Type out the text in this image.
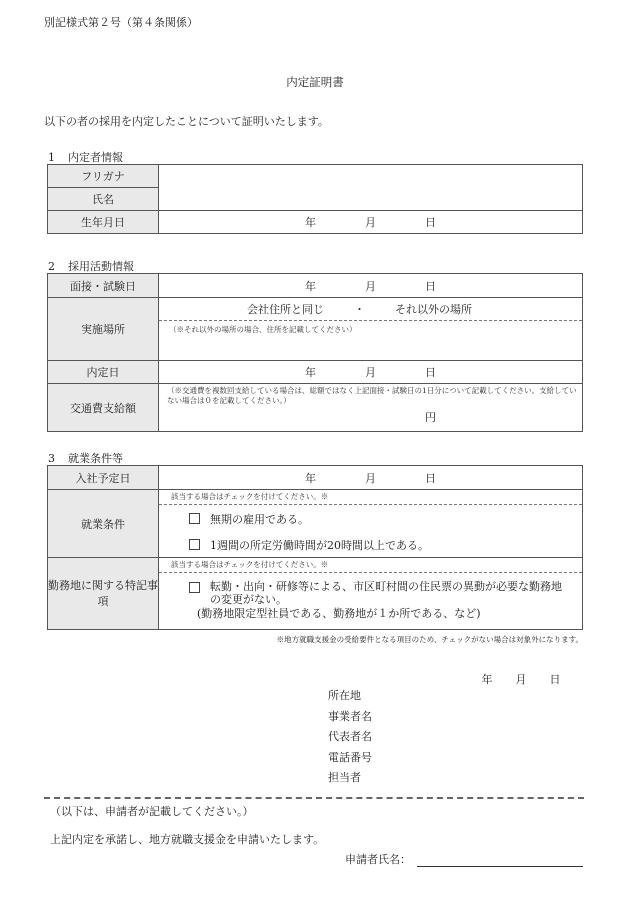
別記様式第２号（第４条関係）
内定証明書
以下の者の採用を内定したことについて証明いたします。
1 内定者情報
フリガナ	
氏名	
生年月日	年 月 日
2 採用活動情報
面接・試験日	年 月 日

実施場所	会社住所と同じ ・ それ以外の場所
（※それ以外の場所の場合、住所を記載してください）

内定日	年 月 日

交通費支給額	（※交通費を複数回支給している場合は、総額ではなく上記面接・試験日の1日分について記載してください。支給していない場合は０を記載してください。）
円
3 就業条件等
入社予定日	年 月 日

就業条件	該当する場合はチェックを付けてください。※
無期の雇用である。
1週間の所定労働時間が20時間以上である。

勤務地に関する特記事項	該当する場合はチェックを付けてください。※
転勤・出向・研修等による、市区町村間の住民票の異動が必要な勤務地の変更がない。
(勤務地限定型社員である、勤務地が１か所である、など)
※地方就職支援金の受給要件となる項目のため、チェックがない場合は対象外になります。
年 月 日
所在地
事業者名
代表者名
電話番号
担当者
（以下は、申請者が記載してください。）
上記内定を承諾し、地方就職支援金を申請いたします。
申請者氏名：
